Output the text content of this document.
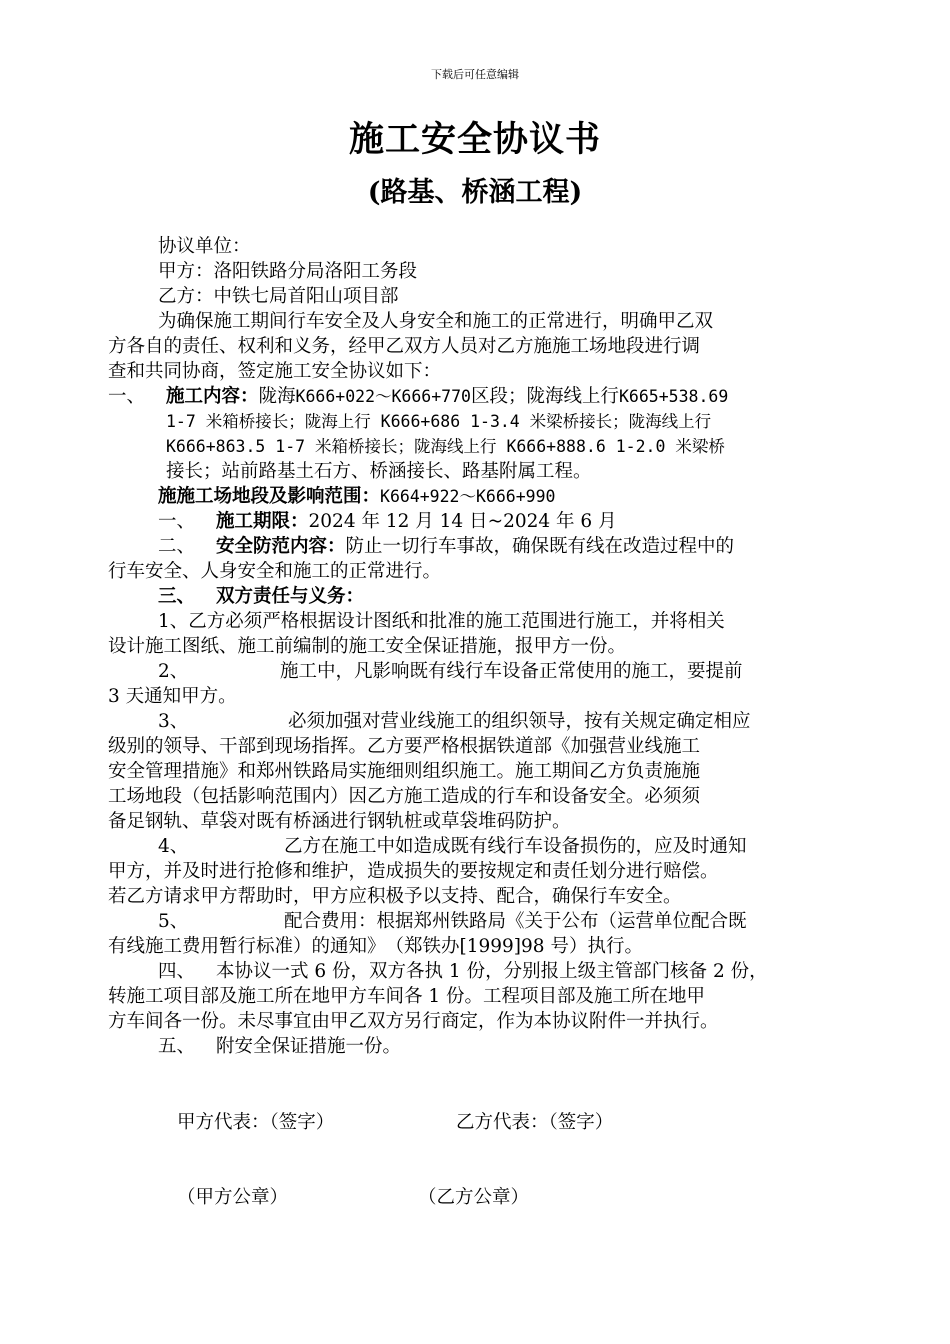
下载后可任意编辑
施工安全协议书
(路基、桥涵工程)
协议单位：
甲方：洛阳铁路分局洛阳工务段
乙方：中铁七局首阳山项目部
为确保施工期间行车安全及人身安全和施工的正常进行，明确甲乙双
方各自的责任、权利和义务，经甲乙双方人员对乙方施施工场地段进行调
查和共同协商，签定施工安全协议如下：
一、 施工内容：陇海K666+022～K666+770区段；陇海线上行K665+538.69
1-7 米箱桥接长；陇海上行 K666+686 1-3.4 米梁桥接长；陇海线上行
K666+863.5 1-7 米箱桥接长；陇海线上行 K666+888.6 1-2.0 米梁桥
接长；站前路基土石方、桥涵接长、路基附属工程。
施施工场地段及影响范围：K664+922～K666+990
一、 施工期限：2024 年 12 月 14 日~2024 年 6 月
二、 安全防范内容：防止一切行车事故，确保既有线在改造过程中的
行车安全、人身安全和施工的正常进行。
三、 双方责任与义务：
1、乙方必须严格根据设计图纸和批准的施工范围进行施工，并将相关
设计施工图纸、施工前编制的施工安全保证措施，报甲方一份。
2、	施工中，凡影响既有线行车设备正常使用的施工，要提前
3 天通知甲方。
3、	必须加强对营业线施工的组织领导，按有关规定确定相应
级别的领导、干部到现场指挥。乙方要严格根据铁道部《加强营业线施工
安全管理措施》和郑州铁路局实施细则组织施工。施工期间乙方负责施施
工场地段（包括影响范围内）因乙方施工造成的行车和设备安全。必须须
备足钢轨、草袋对既有桥涵进行钢轨桩或草袋堆码防护。
4、	乙方在施工中如造成既有线行车设备损伤的，应及时通知
甲方，并及时进行抢修和维护，造成损失的要按规定和责任划分进行赔偿。
若乙方请求甲方帮助时，甲方应积极予以支持、配合，确保行车安全。
5、	配合费用：根据郑州铁路局《关于公布（运营单位配合既
有线施工费用暂行标准）的通知》　（郑铁办[1999]98 号）执行。
四、 本协议一式 6 份，双方各执 1 份，分别报上级主管部门核备 2 份，
转施工项目部及施工所在地甲方车间各 1 份。工程项目部及施工所在地甲
方车间各一份。未尽事宜由甲乙双方另行商定，作为本协议附件一并执行。
五、 附安全保证措施一份。
甲方代表：（签字）	乙方代表：（签字）
（甲方公章）	（乙方公章）
